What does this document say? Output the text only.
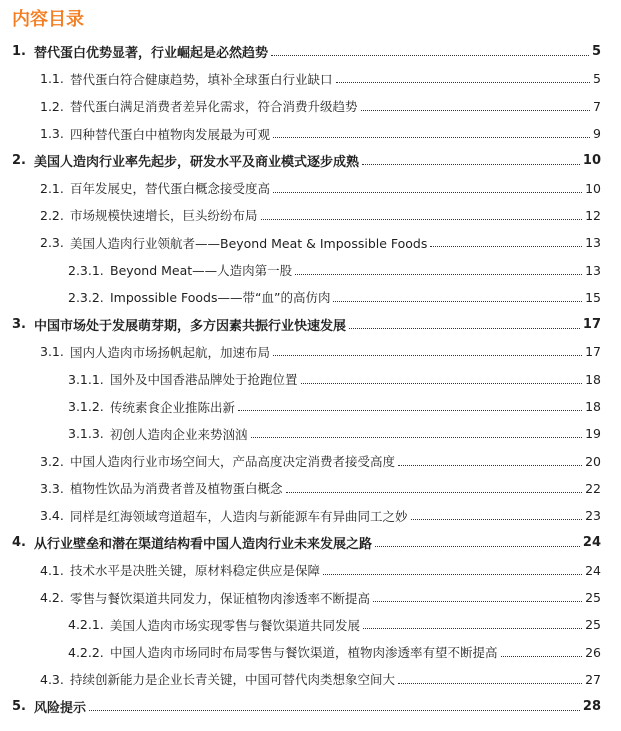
内容目录
1. 替代蛋白优势显著，行业崛起是必然趋势	5
1.1. 替代蛋白符合健康趋势，填补全球蛋白行业缺口	5
1.2. 替代蛋白满足消费者差异化需求，符合消费升级趋势	7
1.3. 四种替代蛋白中植物肉发展最为可观	9
2. 美国人造肉行业率先起步，研发水平及商业模式逐步成熟	10
2.1. 百年发展史，替代蛋白概念接受度高	10
2.2. 市场规模快速增长，巨头纷纷布局	12
2.3. 美国人造肉行业领航者——Beyond Meat & Impossible Foods	13
2.3.1. Beyond Meat——人造肉第一股	13
2.3.2. Impossible Foods——带“血”的高仿肉	15
3. 中国市场处于发展萌芽期，多方因素共振行业快速发展	17
3.1. 国内人造肉市场扬帆起航，加速布局	17
3.1.1. 国外及中国香港品牌处于抢跑位置	18
3.1.2. 传统素食企业推陈出新	18
3.1.3. 初创人造肉企业来势汹汹	19
3.2. 中国人造肉行业市场空间大，产品高度决定消费者接受高度	20
3.3. 植物性饮品为消费者普及植物蛋白概念	22
3.4. 同样是红海领域弯道超车，人造肉与新能源车有异曲同工之妙	23
4. 从行业壁垒和潜在渠道结构看中国人造肉行业未来发展之路	24
4.1. 技术水平是决胜关键，原材料稳定供应是保障	24
4.2. 零售与餐饮渠道共同发力，保证植物肉渗透率不断提高	25
4.2.1. 美国人造肉市场实现零售与餐饮渠道共同发展	25
4.2.2. 中国人造肉市场同时布局零售与餐饮渠道，植物肉渗透率有望不断提高	26
4.3. 持续创新能力是企业长青关键，中国可替代肉类想象空间大	27
5. 风险提示	28
